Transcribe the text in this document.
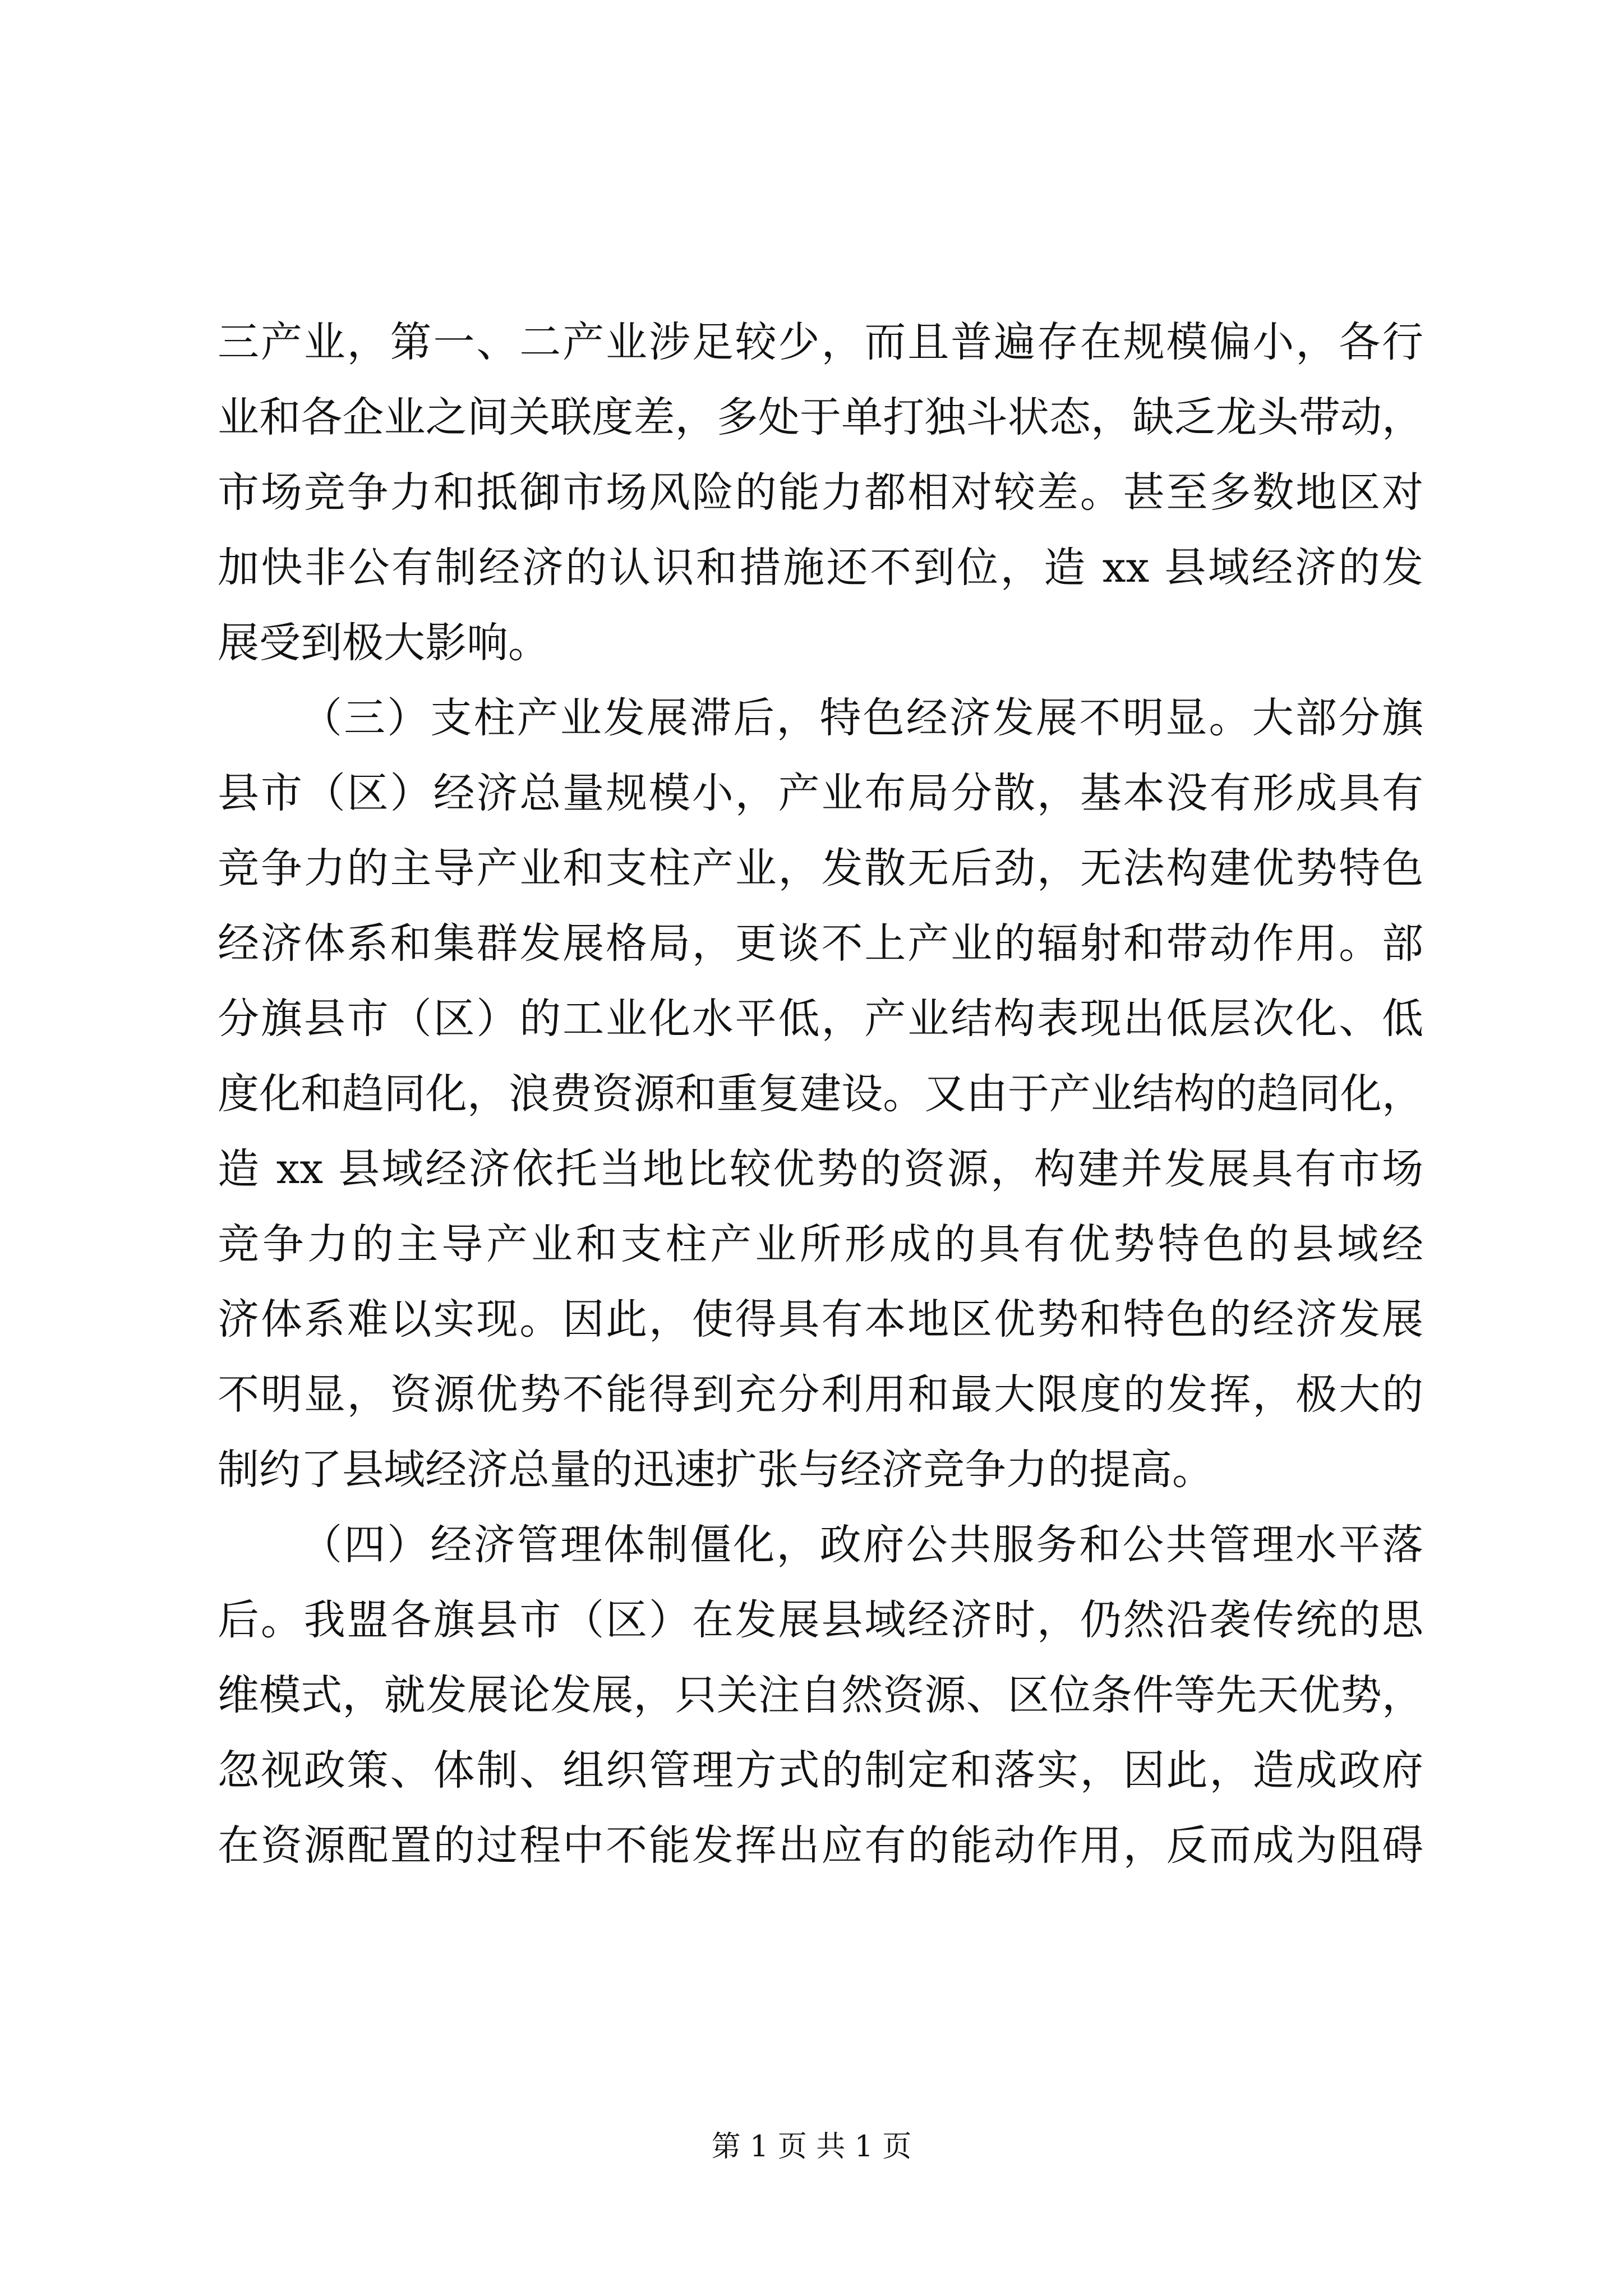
三产业，第一、二产业涉足较少，而且普遍存在规模偏小，各行
业和各企业之间关联度差，多处于单打独斗状态，缺乏龙头带动，
市场竞争力和抵御市场风险的能力都相对较差。甚至多数地区对
加快非公有制经济的认识和措施还不到位，造 xx 县域经济的发
展受到极大影响。
（三）支柱产业发展滞后，特色经济发展不明显。大部分旗
县市（区）经济总量规模小，产业布局分散，基本没有形成具有
竞争力的主导产业和支柱产业，发散无后劲，无法构建优势特色
经济体系和集群发展格局，更谈不上产业的辐射和带动作用。部
分旗县市（区）的工业化水平低，产业结构表现出低层次化、低
度化和趋同化，浪费资源和重复建设。又由于产业结构的趋同化，
造 xx 县域经济依托当地比较优势的资源，构建并发展具有市场
竞争力的主导产业和支柱产业所形成的具有优势特色的县域经
济体系难以实现。因此，使得具有本地区优势和特色的经济发展
不明显，资源优势不能得到充分利用和最大限度的发挥，极大的
制约了县域经济总量的迅速扩张与经济竞争力的提高。
（四）经济管理体制僵化，政府公共服务和公共管理水平落
后。我盟各旗县市（区）在发展县域经济时，仍然沿袭传统的思
维模式，就发展论发展，只关注自然资源、区位条件等先天优势，
忽视政策、体制、组织管理方式的制定和落实，因此，造成政府
在资源配置的过程中不能发挥出应有的能动作用，反而成为阻碍
第 1 页 共 1 页
